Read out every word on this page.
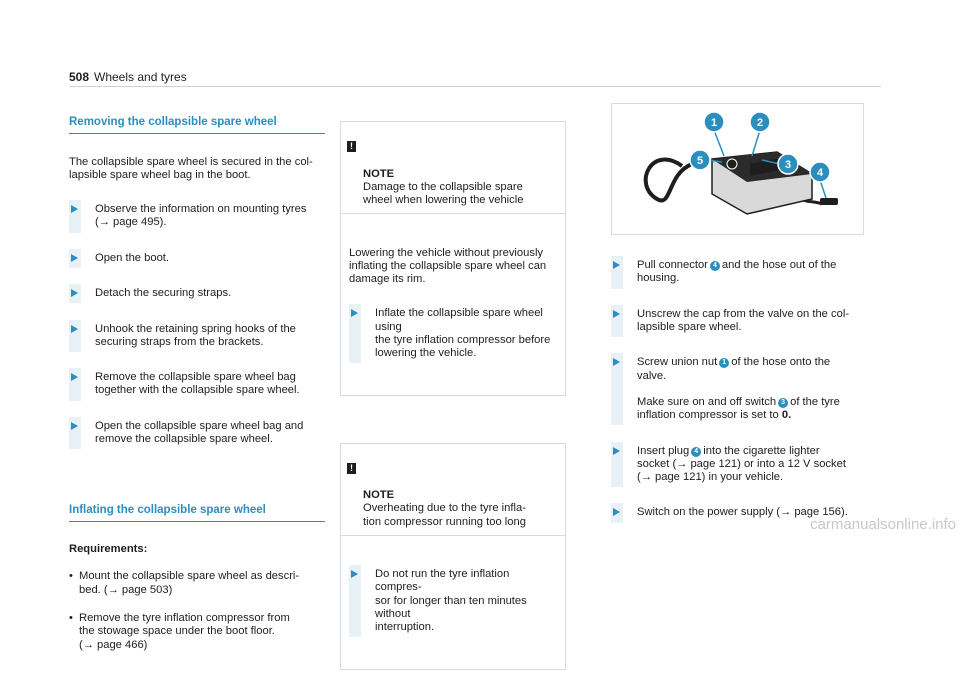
508 Wheels and tyres

Removing the collapsible spare wheel

The collapsible spare wheel is secured in the col-
lapsible spare wheel bag in the boot.

Observe the information on mounting tyres
(→ page 495).

Open the boot.

Detach the securing straps.

Unhook the retaining spring hooks of the
securing straps from the brackets.

Remove the collapsible spare wheel bag
together with the collapsible spare wheel.

Open the collapsible spare wheel bag and
remove the collapsible spare wheel.

Inflating the collapsible spare wheel

Requirements:

• Mount the collapsible spare wheel as descri-
bed. (→ page 503)

• Remove the tyre inflation compressor from
the stowage space under the boot floor.
(→ page 466)

!

NOTE
Damage to the collapsible spare
wheel when lowering the vehicle

Lowering the vehicle without previously
inflating the collapsible spare wheel can
damage its rim.

Inflate the collapsible spare wheel using
the tyre inflation compressor before
lowering the vehicle.

!

NOTE
Overheating due to the tyre infla-
tion compressor running too long

Do not run the tyre inflation compres-
sor for longer than ten minutes without
interruption.

1	2
3
4
5

Pull connector 4 and the hose out of the
housing.

Unscrew the cap from the valve on the col-
lapsible spare wheel.

Screw union nut 1 of the hose onto the
valve.

Make sure on and off switch 3 of the tyre
inflation compressor is set to 0.

Insert plug 4 into the cigarette lighter
socket (→ page 121) or into a 12 V socket
(→ page 121) in your vehicle.

Switch on the power supply (→ page 156).

carmanualsonline.info
